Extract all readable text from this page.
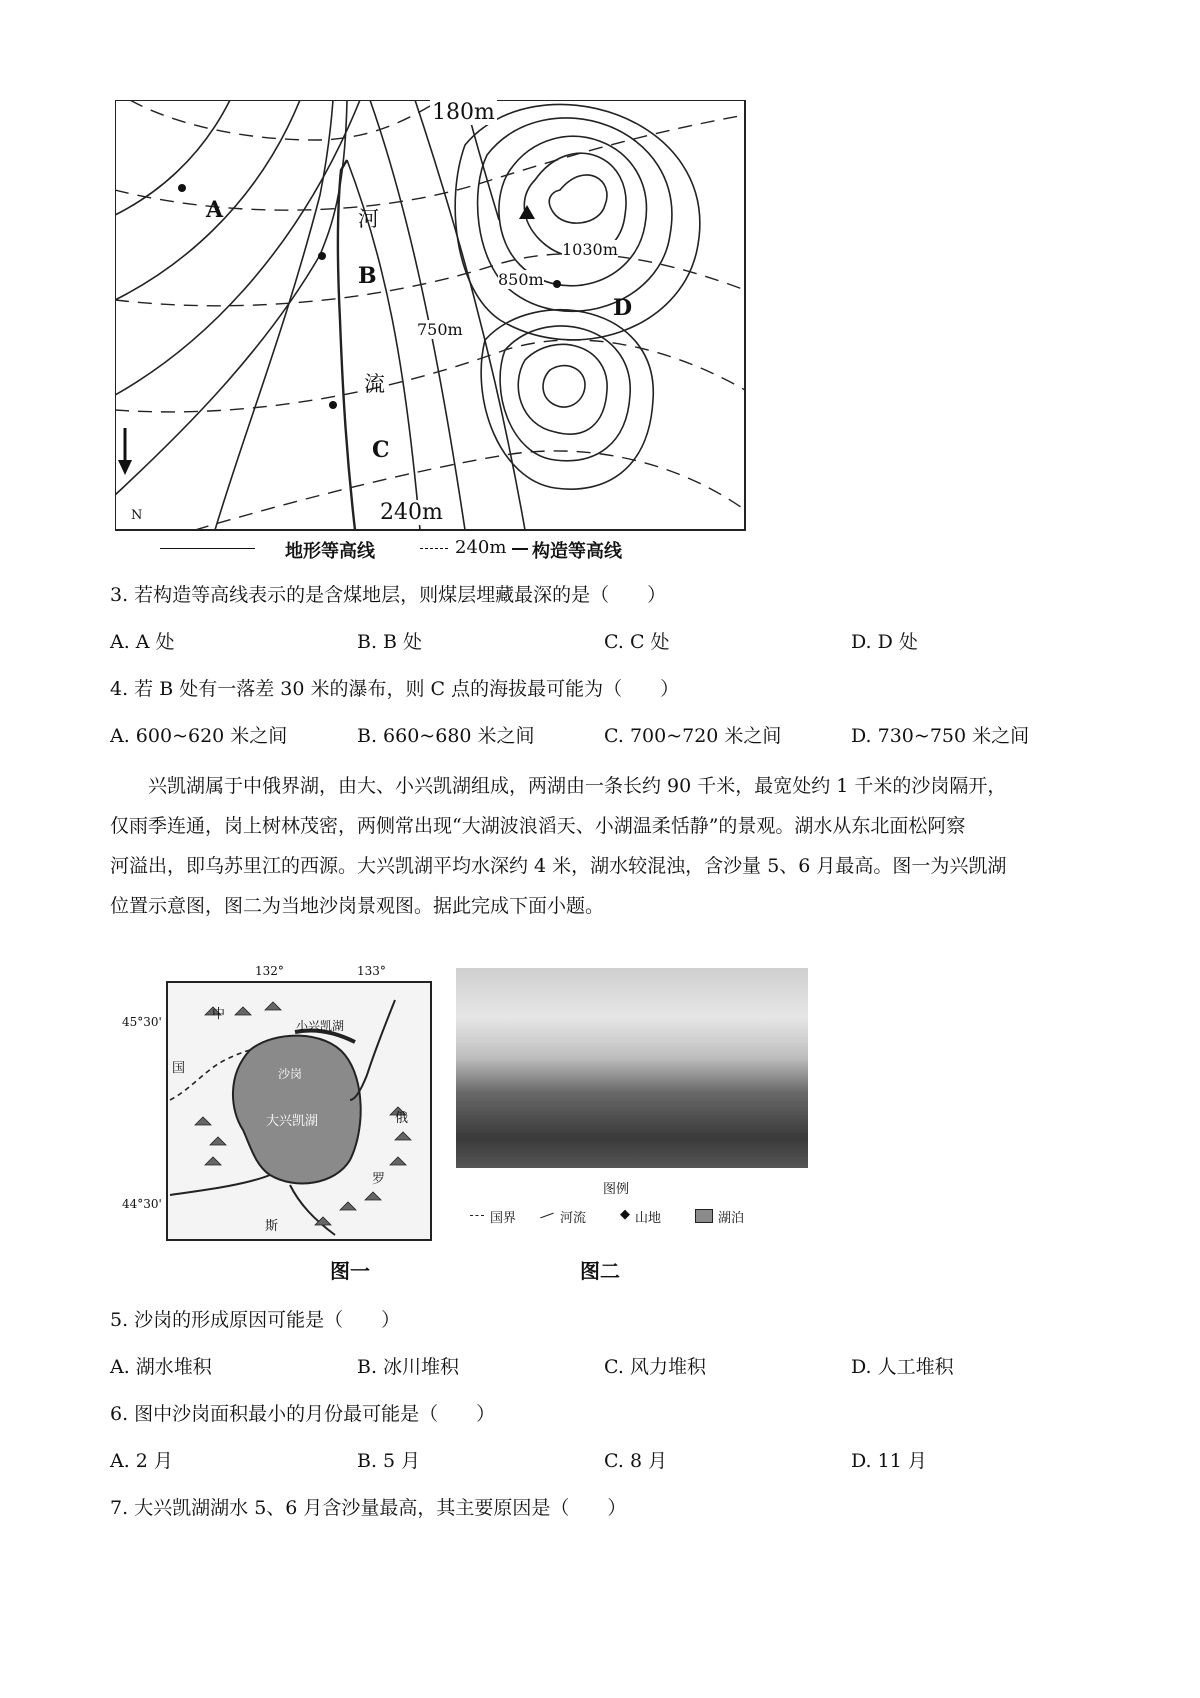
180m
240m
1030m
850m
750m
河
流
N
A
B
C
D
地形等高线	240m 构造等高线
3. 若构造等高线表示的是含煤地层，则煤层埋藏最深的是（　　）
A. A 处	B. B 处	C. C 处	D. D 处
4. 若 B 处有一落差 30 米的瀑布，则 C 点的海拔最可能为（　　）
A. 600~620 米之间	B. 660~680 米之间	C. 700~720 米之间	D. 730~750 米之间

兴凯湖属于中俄界湖，由大、小兴凯湖组成，两湖由一条长约 90 千米，最宽处约 1 千米的沙岗隔开，

仅雨季连通，岗上树林茂密，两侧常出现“大湖波浪滔天、小湖温柔恬静”的景观。湖水从东北面松阿察
河溢出，即乌苏里江的西源。大兴凯湖平均水深约 4 米，湖水较混浊，含沙量 5、6 月最高。图一为兴凯湖
位置示意图，图二为当地沙岗景观图。据此完成下面小题。
132°	133°
45°30'
44°30'
小兴凯湖
沙岗
大兴凯湖
中
国
俄
罗
斯
图例
国界	河流	◆ 山地	湖泊
图一	图二
5. 沙岗的形成原因可能是（　　）
A. 湖水堆积	B. 冰川堆积	C. 风力堆积	D. 人工堆积
6. 图中沙岗面积最小的月份最可能是（　　）
A. 2 月	B. 5 月	C. 8 月	D. 11 月
7. 大兴凯湖湖水 5、6 月含沙量最高，其主要原因是（　　）
